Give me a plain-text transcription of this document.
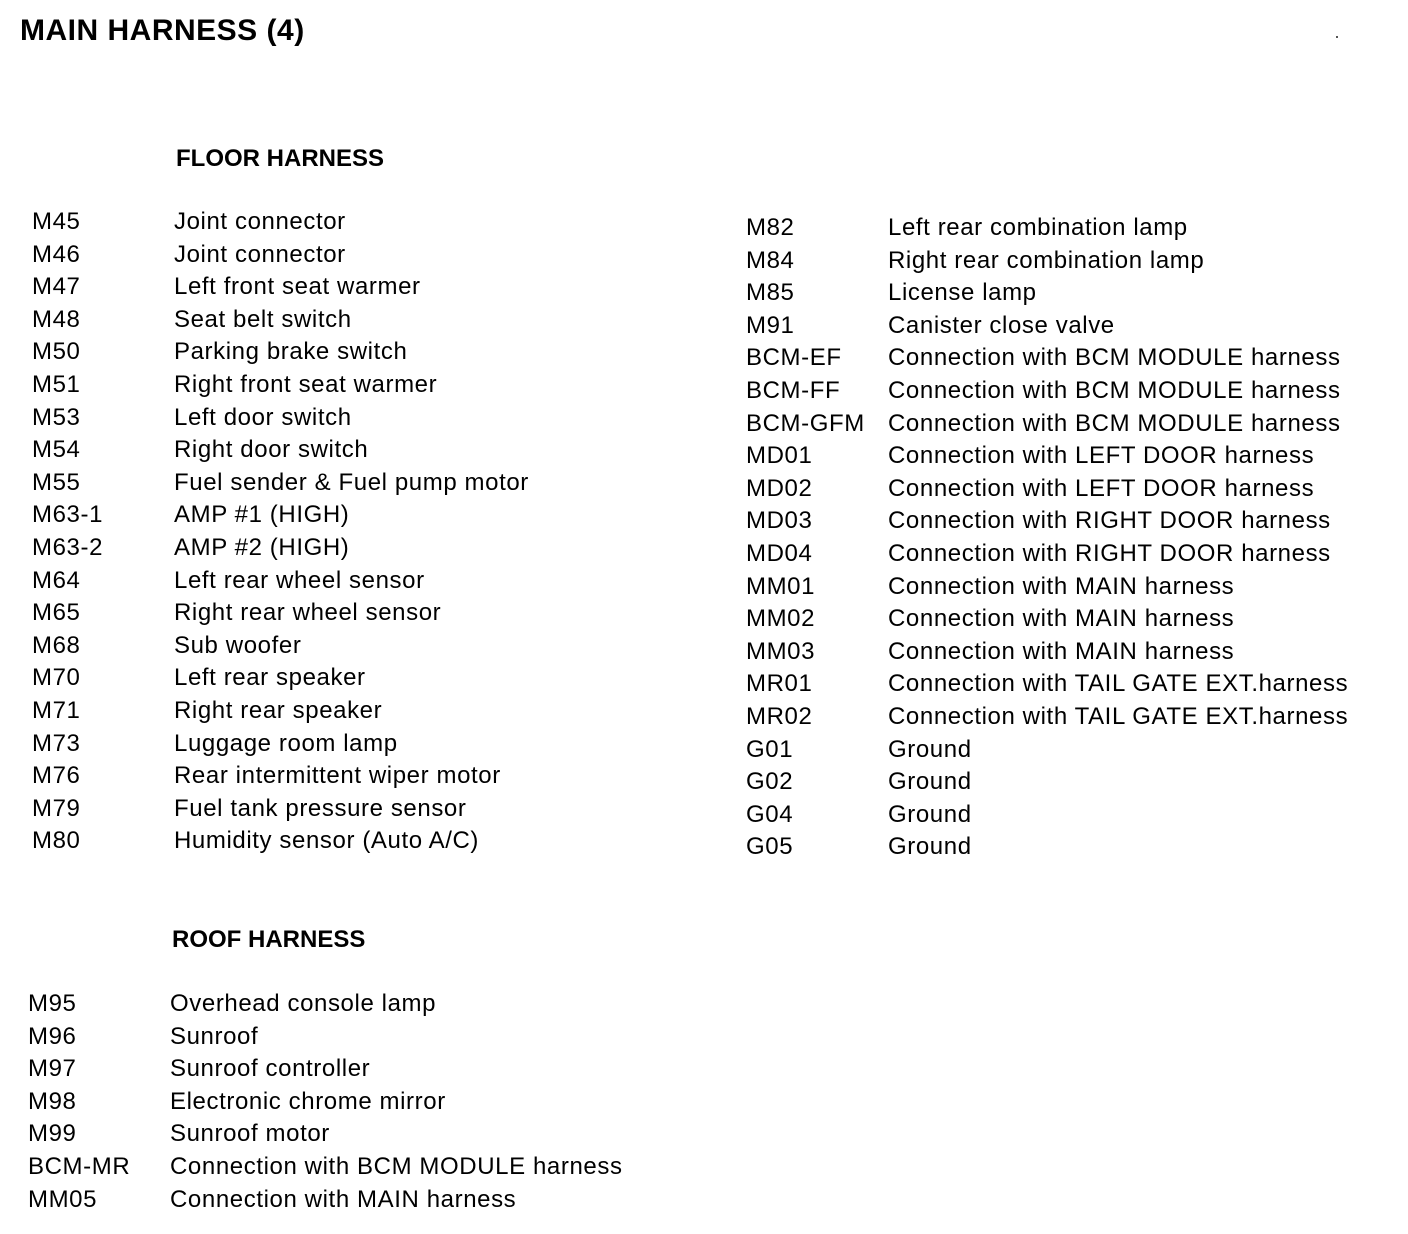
MAIN HARNESS (4)
FLOOR HARNESS
M45	Joint connector
M46	Joint connector
M47	Left front seat warmer
M48	Seat belt switch
M50	Parking brake switch
M51	Right front seat warmer
M53	Left door switch
M54	Right door switch
M55	Fuel sender & Fuel pump motor
M63-1	AMP #1 (HIGH)
M63-2	AMP #2 (HIGH)
M64	Left rear wheel sensor
M65	Right rear wheel sensor
M68	Sub woofer
M70	Left rear speaker
M71	Right rear speaker
M73	Luggage room lamp
M76	Rear intermittent wiper motor
M79	Fuel tank pressure sensor
M80	Humidity sensor (Auto A/C)
M82	Left rear combination lamp
M84	Right rear combination lamp
M85	License lamp
M91	Canister close valve
BCM-EF Connection with BCM MODULE harness
BCM-FF Connection with BCM MODULE harness
BCM-GFM Connection with BCM MODULE harness
MD01	Connection with LEFT DOOR harness
MD02	Connection with LEFT DOOR harness
MD03	Connection with RIGHT DOOR harness
MD04	Connection with RIGHT DOOR harness
MM01	Connection with MAIN harness
MM02	Connection with MAIN harness
MM03	Connection with MAIN harness
MR01	Connection with TAIL GATE EXT.harness
MR02	Connection with TAIL GATE EXT.harness
G01	Ground
G02	Ground
G04	Ground
G05	Ground
ROOF HARNESS
M95	Overhead console lamp
M96	Sunroof
M97	Sunroof controller
M98	Electronic chrome mirror
M99	Sunroof motor
BCM-MR Connection with BCM MODULE harness
MM05	Connection with MAIN harness
